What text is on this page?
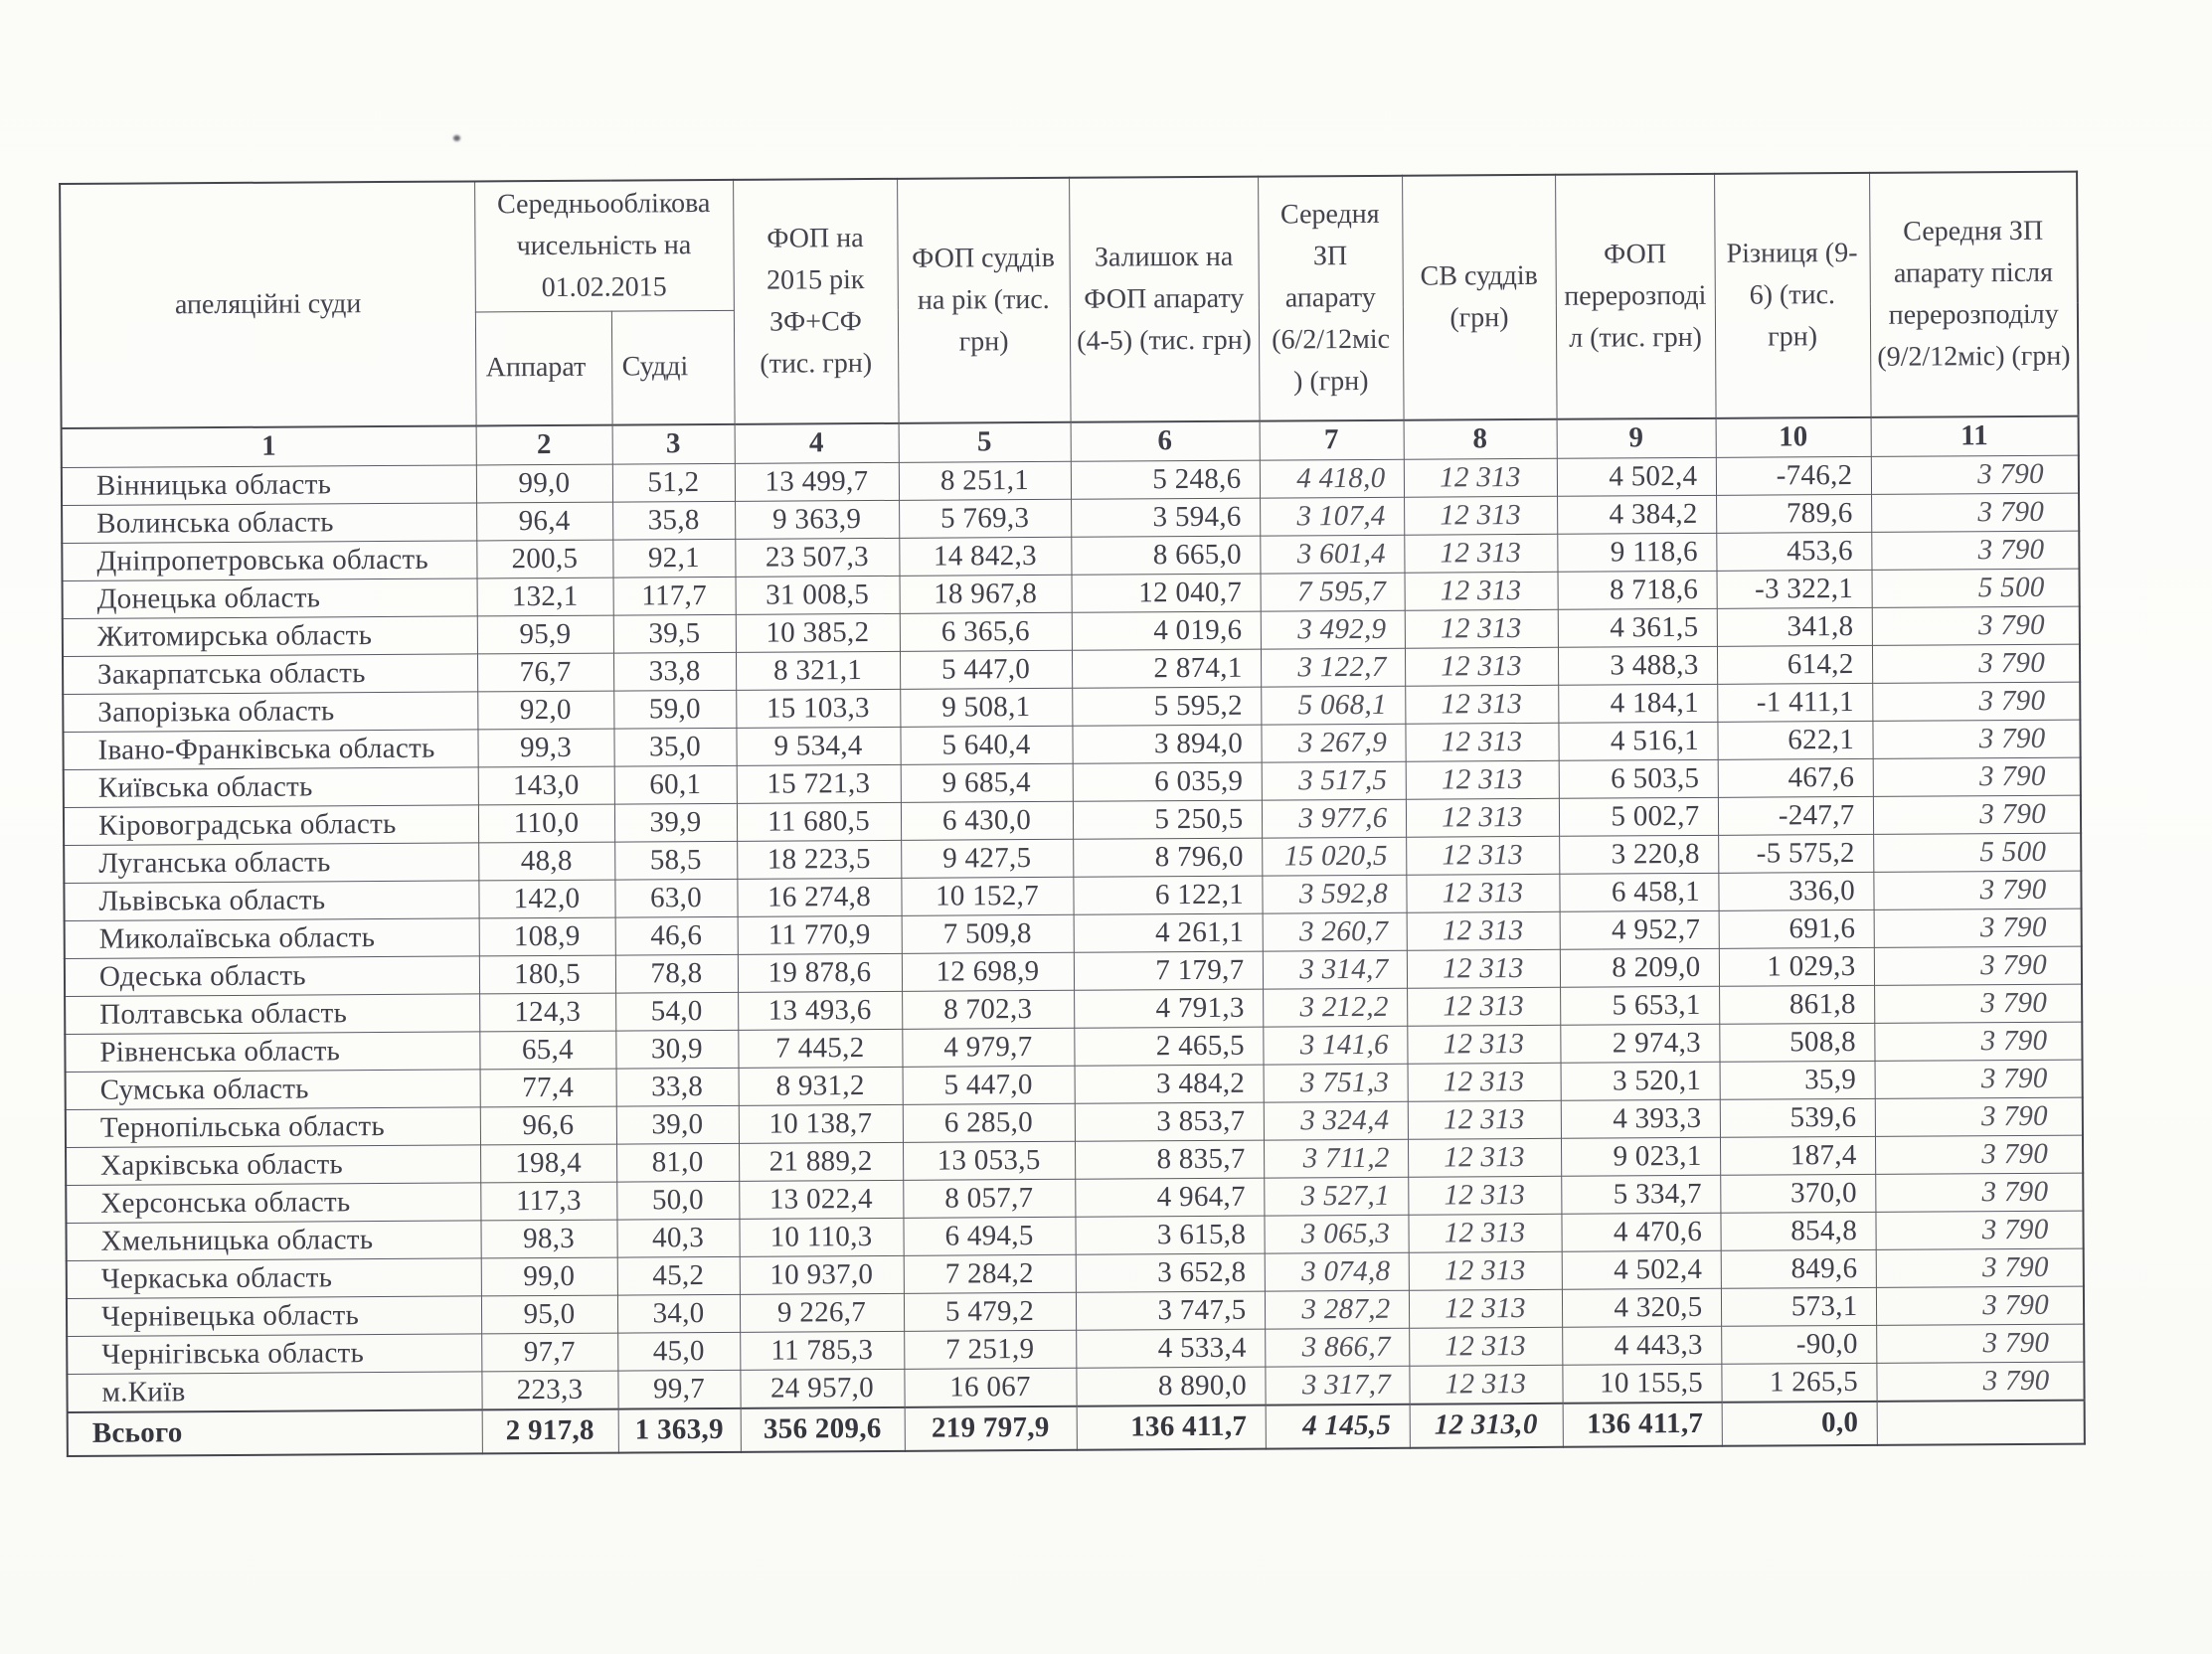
апеляційні суди	Середньооблікова чисельність на 01.02.2015		ФОП на 2015 рік ЗФ+СФ (тис. грн)	ФОП суддів на рік (тис. грн)	Залишок на ФОП апарату (4-5) (тис. грн)	Середня ЗП апарату (6/2/12міс ) (грн)	СВ суддів (грн)	ФОП перерозподіл (тис. грн)	Різниця (9-6) (тис. грн)	Середня ЗП апарату після перерозподілу (9/2/12міс) (грн)
	Аппарат	Судді								
1	2	3	4	5	6	7	8	9	10	11
Вінницька область	99,0	51,2	13 499,7	8 251,1	5 248,6	4 418,0	12 313	4 502,4	-746,2	3 790
Волинська область	96,4	35,8	9 363,9	5 769,3	3 594,6	3 107,4	12 313	4 384,2	789,6	3 790
Дніпропетровська область	200,5	92,1	23 507,3	14 842,3	8 665,0	3 601,4	12 313	9 118,6	453,6	3 790
Донецька область	132,1	117,7	31 008,5	18 967,8	12 040,7	7 595,7	12 313	8 718,6	-3 322,1	5 500
Житомирська область	95,9	39,5	10 385,2	6 365,6	4 019,6	3 492,9	12 313	4 361,5	341,8	3 790
Закарпатська область	76,7	33,8	8 321,1	5 447,0	2 874,1	3 122,7	12 313	3 488,3	614,2	3 790
Запорізька область	92,0	59,0	15 103,3	9 508,1	5 595,2	5 068,1	12 313	4 184,1	-1 411,1	3 790
Івано-Франківська область	99,3	35,0	9 534,4	5 640,4	3 894,0	3 267,9	12 313	4 516,1	622,1	3 790
Київська область	143,0	60,1	15 721,3	9 685,4	6 035,9	3 517,5	12 313	6 503,5	467,6	3 790
Кіровоградська область	110,0	39,9	11 680,5	6 430,0	5 250,5	3 977,6	12 313	5 002,7	-247,7	3 790
Луганська область	48,8	58,5	18 223,5	9 427,5	8 796,0	15 020,5	12 313	3 220,8	-5 575,2	5 500
Львівська область	142,0	63,0	16 274,8	10 152,7	6 122,1	3 592,8	12 313	6 458,1	336,0	3 790
Миколаївська область	108,9	46,6	11 770,9	7 509,8	4 261,1	3 260,7	12 313	4 952,7	691,6	3 790
Одеська область	180,5	78,8	19 878,6	12 698,9	7 179,7	3 314,7	12 313	8 209,0	1 029,3	3 790
Полтавська область	124,3	54,0	13 493,6	8 702,3	4 791,3	3 212,2	12 313	5 653,1	861,8	3 790
Рівненська область	65,4	30,9	7 445,2	4 979,7	2 465,5	3 141,6	12 313	2 974,3	508,8	3 790
Сумська область	77,4	33,8	8 931,2	5 447,0	3 484,2	3 751,3	12 313	3 520,1	35,9	3 790
Тернопільська область	96,6	39,0	10 138,7	6 285,0	3 853,7	3 324,4	12 313	4 393,3	539,6	3 790
Харківська область	198,4	81,0	21 889,2	13 053,5	8 835,7	3 711,2	12 313	9 023,1	187,4	3 790
Херсонська область	117,3	50,0	13 022,4	8 057,7	4 964,7	3 527,1	12 313	5 334,7	370,0	3 790
Хмельницька область	98,3	40,3	10 110,3	6 494,5	3 615,8	3 065,3	12 313	4 470,6	854,8	3 790
Черкаська область	99,0	45,2	10 937,0	7 284,2	3 652,8	3 074,8	12 313	4 502,4	849,6	3 790
Чернівецька область	95,0	34,0	9 226,7	5 479,2	3 747,5	3 287,2	12 313	4 320,5	573,1	3 790
Чернігівська область	97,7	45,0	11 785,3	7 251,9	4 533,4	3 866,7	12 313	4 443,3	-90,0	3 790
м.Київ	223,3	99,7	24 957,0	16 067	8 890,0	3 317,7	12 313	10 155,5	1 265,5	3 790
Всього	2 917,8	1 363,9	356 209,6	219 797,9	136 411,7	4 145,5	12 313,0	136 411,7	0,0	
